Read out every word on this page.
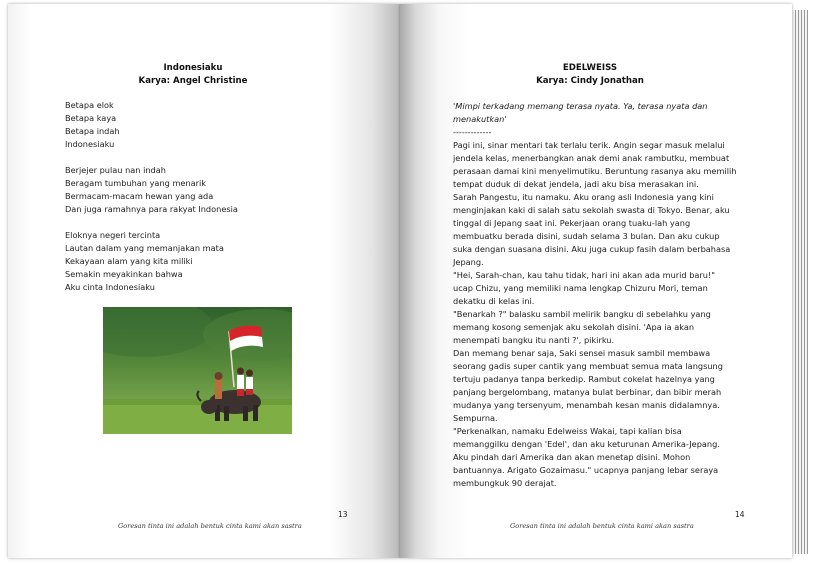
Indonesiaku
Karya: Angel Christine
Betapa elok
Betapa kaya
Betapa indah
Indonesiaku
Berjejer pulau nan indah
Beragam tumbuhan yang menarik
Bermacam-macam hewan yang ada
Dan juga ramahnya para rakyat Indonesia
Eloknya negeri tercinta
Lautan dalam yang memanjakan mata
Kekayaan alam yang kita miliki
Semakin meyakinkan bahwa
Aku cinta Indonesiaku
13
Goresan tinta ini adalah bentuk cinta kami akan sastra
EDELWEISS
Karya: Cindy Jonathan
'Mimpi terkadang memang terasa nyata. Ya, terasa nyata dan
menakutkan'
-------------
Pagi ini, sinar mentari tak terlalu terik. Angin segar masuk melalui
jendela kelas, menerbangkan anak demi anak rambutku, membuat
perasaan damai kini menyelimutiku. Beruntung rasanya aku memilih
tempat duduk di dekat jendela, jadi aku bisa merasakan ini.
Sarah Pangestu, itu namaku. Aku orang asli Indonesia yang kini
menginjakan kaki di salah satu sekolah swasta di Tokyo. Benar, aku
tinggal di Jepang saat ini. Pekerjaan orang tuaku-lah yang
membuatku berada disini, sudah selama 3 bulan. Dan aku cukup
suka dengan suasana disini. Aku juga cukup fasih dalam berbahasa
Jepang.
"Hei, Sarah-chan, kau tahu tidak, hari ini akan ada murid baru!"
ucap Chizu, yang memiliki nama lengkap Chizuru Mori, teman
dekatku di kelas ini.
"Benarkah ?" balasku sambil melirik bangku di sebelahku yang
memang kosong semenjak aku sekolah disini. 'Apa ia akan
menempati bangku itu nanti ?', pikirku.
Dan memang benar saja, Saki sensei masuk sambil membawa
seorang gadis super cantik yang membuat semua mata langsung
tertuju padanya tanpa berkedip. Rambut cokelat hazelnya yang
panjang bergelombang, matanya bulat berbinar, dan bibir merah
mudanya yang tersenyum, menambah kesan manis didalamnya.
Sempurna.
"Perkenalkan, namaku Edelweiss Wakai, tapi kalian bisa
memanggilku dengan 'Edel', dan aku keturunan Amerika-Jepang.
Aku pindah dari Amerika dan akan menetap disini. Mohon
bantuannya. Arigato Gozaimasu." ucapnya panjang lebar seraya
membungkuk 90 derajat.
14
Goresan tinta ini adalah bentuk cinta kami akan sastra
